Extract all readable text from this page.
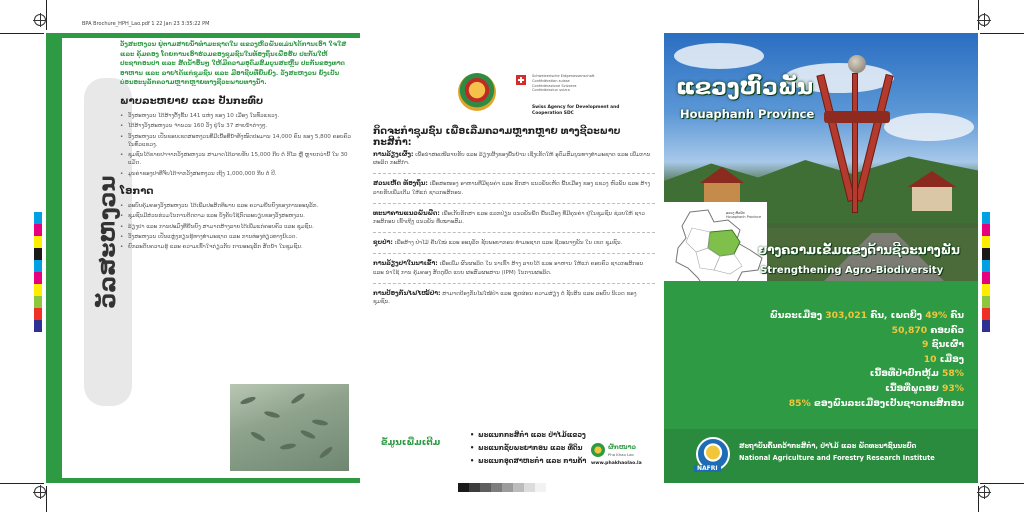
BPA Brochure_HPH_Lao.pdf 1 22 Jan 23 3:35:22 PM
ວັລສະຫງວນ

ວັງສະຫງວນ ຢູ່ຕາມສາຍນ້ຳທຳມະຊາດໃນ ແຂວງຫົວພັນແມ່ນໄດ້ການເອົາ ໃຈໃສ່ ແລະ ຄຸ້ມຄອງ ໂດຍການເອົາຮ່ວມຂອງຊຸມຊົນໃນທ້ອງຖິ່ນເພື່ອຮັບ ປະກັນໃຫ້ປະຊາກອນປາ ແລະ ສັດນ້ຳອື່ນໆ ໃຫ້ມີຄວາມອຸດົມສົມບູນສະຫຼືນ ປະກັນຂອງທາດອາຫານ ແລະ ລາຍໄດ້ແກ່ຊຸມຊົນ ແລະ ມີອາຊີບທີ່ຍືນຍົງ. ວັງສະຫງວນ ຍັງເປັນບ່ອນອະນຸລັກຄວາມຫຼາກຫຼາຍທາງຊີວະພາບທາງນ້ຳ.

ພາບລະຫຍາຍ ແລະ ປັນກະທົບ
• ວັງສະຫງວນ ໄດ້ສ້າງຕັ້ງຂຶ້ນ 141 ແຫ່ງ ຂອງ 10 ເມືອງ ໃນທົ່ວແຂວງ.
• ໄດ້ສ້າງວັງສະຫງວນ ຈຳນວນ 160 ວັງ ຢູ່ໃນ 37 ສາຍນ້ຳຕ່າງໆ.
• ວັງສະຫງວນ ເປັນຂອບເຂດສະຫງວນທີ່ມີເນື້ອທີ່ນ້ຳທັງໝົດປະມານ 14,000 ຄົນ ຂອງ 5,800 ຄອບຄົວ ໃນທົ່ວແຂວງ.
• ຊຸມຊົນໄດ້ຂາຍປາຈາກວັງສະຫງວນ ສາມາດໄດ້ລາຍຮັບ 15,000 ກີບ ຕໍ່ ກິໂລ ຫຼື ຫຼາຍກວ່ານີ້ ໃນ 30 ແມັດ.
• ມູນຄ່າຂອງປາທີ່ຈັບໄດ້ຈາກວັງສະຫງວນ ເຖິງ 1,000,000 ກີບ ຕໍ່ ປີ.
ໂອກາດ
• ລະບົບຄຸ້ມຄອງວັງສະຫງວນ ໄດ້ເພີ່ມປະສິດທິພາບ ແລະ ຄວາມຍືນຍົງຂອງການອະນຸລັກ.
• ຊຸມຊົນມີສ່ວນຮ່ວມໃນການຕິດຕາມ ແລະ ບັງຄັບໃຊ້ກົດລະບຽບຂອງວັງສະຫງວນ.
• ລ້ຽງປາ ແລະ ການປະມົງທີ່ຍືນຍົງ ສາມາດສ້າງລາຍໄດ້ເພີ່ມແກ່ຄອບຄົວ ແລະ ຊຸມຊົນ.
• ວັງສະຫງວນ ເປັນແຫຼ່ງຮຽນຮູ້ທາງທຳມະຊາດ ແລະ ການທ່ອງທ່ຽວທາງນິເວດ.
• ຍົກລະດັບຄວາມຮູ້ ແລະ ຄວາມເຂົ້າໃຈກ່ຽວກັບ ການອະນຸລັກ ສັດນ້ຳ ໃນຊຸມຊົນ.
Schweizerische Eidgenossenschaft
Confédération suisse
Confederazione Svizzera
Confederaziun svizra
Swiss Agency for Development and Cooperation SDC
ກິດຈະກຳຊຸມຊົນ ເພື່ອເລີ່ມຄວາມຫຼາກຫຼາຍ ທາງຊີວະພາບ ກະສິກຳ:
ການລ້ຽງເຜິ້ງ: ເພື່ອນຳສະເໜີລາຍຮັບ ແລະ ລ້ຽງເຜິ້ງຂອງພື້ນບ້ານ ເຊິ່ງເຮັດໃຫ້ ອຸດົມສົມບູນທາງທຳມະຊາດ ແລະ ເພີ່ມການຜະລິດ ກະສິກຳ.
ສວນເຫັດ ທ້ອງຖິ່ນ: ເພື່ອສະໜອງ ອາຫານທີ່ມີຄຸນຄ່າ ແລະ ຮັກສາ ແນວພັນເຫັດ ພື້ນເມືອງ ຂອງ ແຂວງ ຫົວພັນ ແລະ ສ້າງລາຍຮັບເພີ່ມເຕີມ ໃຫ້ແກ່ ຊາວກະສິກອນ.
ທະນາຄານແນວພັນພືດ: ເພື່ອເກັບຮັກສາ ແລະ ແລກປ່ຽນ ແນວພັນພືດ ພື້ນເມືອງ ທີ່ມີຄຸນຄ່າ ຢູ່ໃນຊຸມຊົນ ຊ່ວຍໃຫ້ ຊາວກະສິກອນ ເຂົ້າເຖິງ ແນວພັນ ທີ່ເໝາະສົມ.
ຊຸບປ່າ: ເພື່ອສ້າງ ປ່າໄມ້ ຄືນໃໝ່ ແລະ ອະນຸລັກ ຊັບພະຍາກອນ ທຳມະຊາດ ແລະ ຊີວະນາໆພັນ ໃນ ເຂດ ຊຸມຊົນ.
ການລ້ຽງປາໃນນາເຂົ້າ: ເພື່ອເພີ່ມ ຜົນຜະລິດ ໃນ ນາເຂົ້າ ສ້າງ ລາຍໄດ້ ແລະ ອາຫານ ໃຫ້ແກ່ ຄອບຄົວ ຊາວກະສິກອນ ແລະ ນຳໃຊ້ ການ ຄຸ້ມຄອງ ສັດຕູພືດ ແບບ ຜະສົມຜະສານ (IPM) ໃນການຜະລິດ.
ການປ້ອງກັນໄຟໄໝ້ປ່າ: ສາມາດປ້ອງກັນໄຟໄໝ້ປ່າ ແລະ ຫຼຸດຜ່ອນ ຄວາມສ່ຽງ ຕໍ່ ຊັບສິນ ແລະ ລະບົບ ນິເວດ ຂອງ ຊຸມຊົນ.
ຂໍ້ມູນເພີ່ມເຕີມ
• ພະແນກກະສິກຳ ແລະ ປ່າໄມ້ແຂວງ
• ພະແນກຊັບພະຍາກອນ ແລະ ທີ່ດິນ
• ພະແນກອຸດສາຫະກຳ ແລະ ການຄ້າ
ຜັກໜາວ
Pha Khao Lao
www.phakhaolao.la
ແຂວງຫົວພັນ
Houaphanh Province
ແຂວງ ຫົວພັນ Houaphanh Province
ຍາງຄວາມເຂັ້ມແຂງດ້ານຊີວະນາງພັນ
Strengthening Agro-Biodiversity
ພົນລະເມືອງ 303,021 ຄົນ, ເພດຍິງ 49% ຄົນ
50,870 ຄອບຄົວ
9 ຊົນເຜົ່າ
10 ເມືອງ
ເນື້ອທີ່ປ່າປົກຫຸ້ມ 58%
ເນື້ອທີ່ພູດອຍ 93%
85% ຂອງພົນລະເມືອງເປັນຊາວກະສິກອນ
NAFRI
ສະຖາບັນຄົ້ນຄວ້າກະສິກຳ, ປ່າໄມ້ ແລະ ພັດທະນາຊົນນະບົດ
National Agriculture and Forestry Research Institute
